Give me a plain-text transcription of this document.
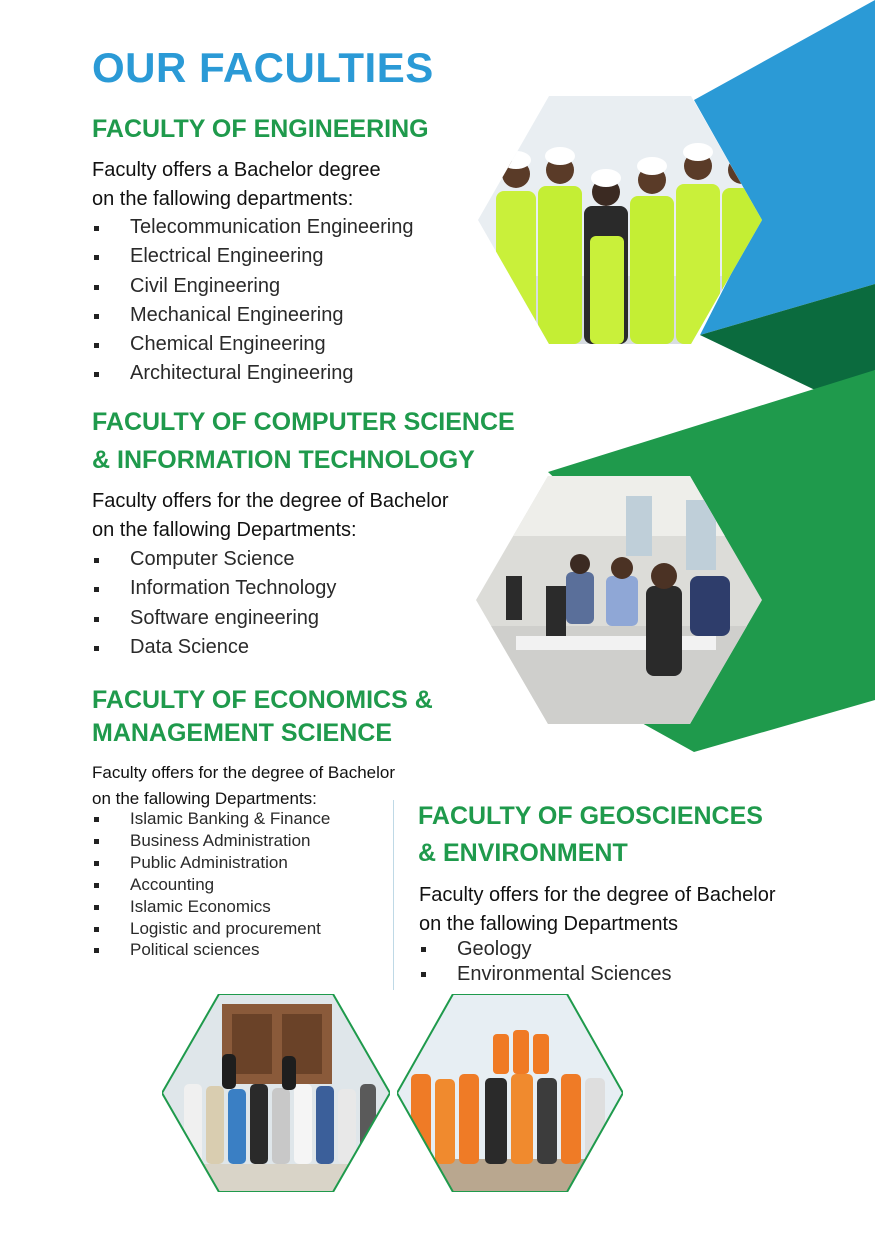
OUR FACULTIES
FACULTY OF ENGINEERING
Faculty offers a Bachelor degree
on the fallowing departments:
Telecommunication Engineering
Electrical Engineering
Civil Engineering
Mechanical Engineering
Chemical Engineering
Architectural Engineering
FACULTY OF COMPUTER SCIENCE
& INFORMATION TECHNOLOGY
Faculty offers for the degree of Bachelor
on the fallowing Departments:
Computer Science
Information Technology
Software engineering
Data Science
FACULTY OF ECONOMICS &
MANAGEMENT SCIENCE
Faculty offers for the degree of Bachelor
on the fallowing Departments:
Islamic Banking & Finance
Business Administration
Public Administration
Accounting
Islamic Economics
Logistic and procurement
Political sciences
FACULTY OF GEOSCIENCES
& ENVIRONMENT
Faculty offers for the degree of Bachelor
on the fallowing Departments
Geology
Environmental Sciences
